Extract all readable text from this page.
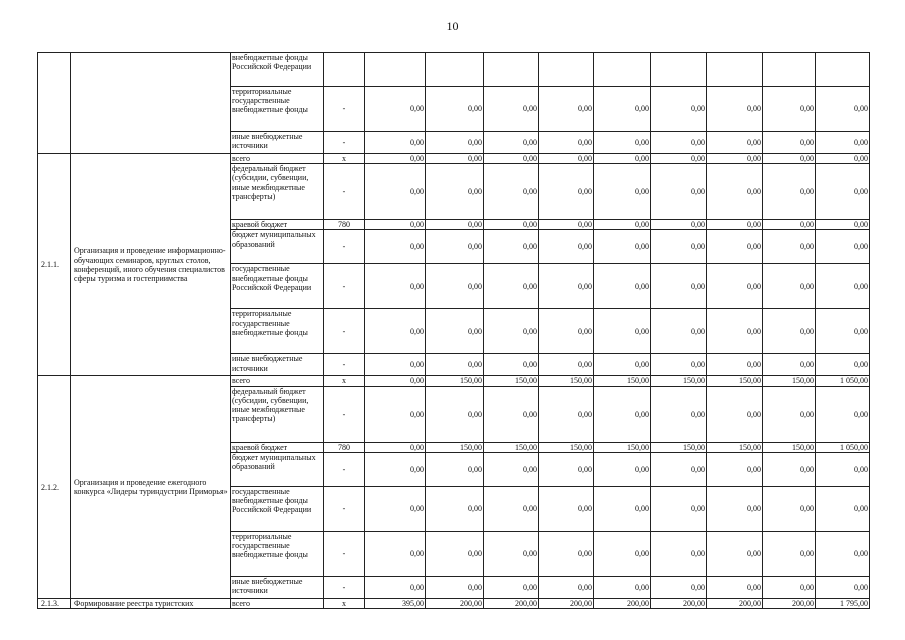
10
		внебюджетные фонды Российской Федерации										
		территориальные государственные внебюджетные фонды	-	0,00	0,00	0,00	0,00	0,00	0,00	0,00	0,00	0,00
		иные внебюджетные источники	-	0,00	0,00	0,00	0,00	0,00	0,00	0,00	0,00	0,00
2.1.1.	Организация и проведение информационно-обучающих семинаров, круглых столов, конференций, иного обучения специалистов сферы туризма и гостеприимства	всего	х	0,00	0,00	0,00	0,00	0,00	0,00	0,00	0,00	0,00
		федеральный бюджет (субсидии, субвенции, иные межбюджетные трансферты)	-	0,00	0,00	0,00	0,00	0,00	0,00	0,00	0,00	0,00
		краевой бюджет	780	0,00	0,00	0,00	0,00	0,00	0,00	0,00	0,00	0,00
		бюджет муниципальных образований	-	0,00	0,00	0,00	0,00	0,00	0,00	0,00	0,00	0,00
		государственные внебюджетные фонды Российской Федерации	-	0,00	0,00	0,00	0,00	0,00	0,00	0,00	0,00	0,00
		территориальные государственные внебюджетные фонды	-	0,00	0,00	0,00	0,00	0,00	0,00	0,00	0,00	0,00
		иные внебюджетные источники	-	0,00	0,00	0,00	0,00	0,00	0,00	0,00	0,00	0,00
2.1.2.	Организация и проведение ежегодного конкурса «Лидеры туриндустрии Приморья»	всего	х	0,00	150,00	150,00	150,00	150,00	150,00	150,00	150,00	1 050,00
		федеральный бюджет (субсидии, субвенции, иные межбюджетные трансферты)	-	0,00	0,00	0,00	0,00	0,00	0,00	0,00	0,00	0,00
		краевой бюджет	780	0,00	150,00	150,00	150,00	150,00	150,00	150,00	150,00	1 050,00
		бюджет муниципальных образований	-	0,00	0,00	0,00	0,00	0,00	0,00	0,00	0,00	0,00
		государственные внебюджетные фонды Российской Федерации	-	0,00	0,00	0,00	0,00	0,00	0,00	0,00	0,00	0,00
		территориальные государственные внебюджетные фонды	-	0,00	0,00	0,00	0,00	0,00	0,00	0,00	0,00	0,00
		иные внебюджетные источники	-	0,00	0,00	0,00	0,00	0,00	0,00	0,00	0,00	0,00
2.1.3.	Формирование реестра туристских	всего	х	395,00	200,00	200,00	200,00	200,00	200,00	200,00	200,00	1 795,00
